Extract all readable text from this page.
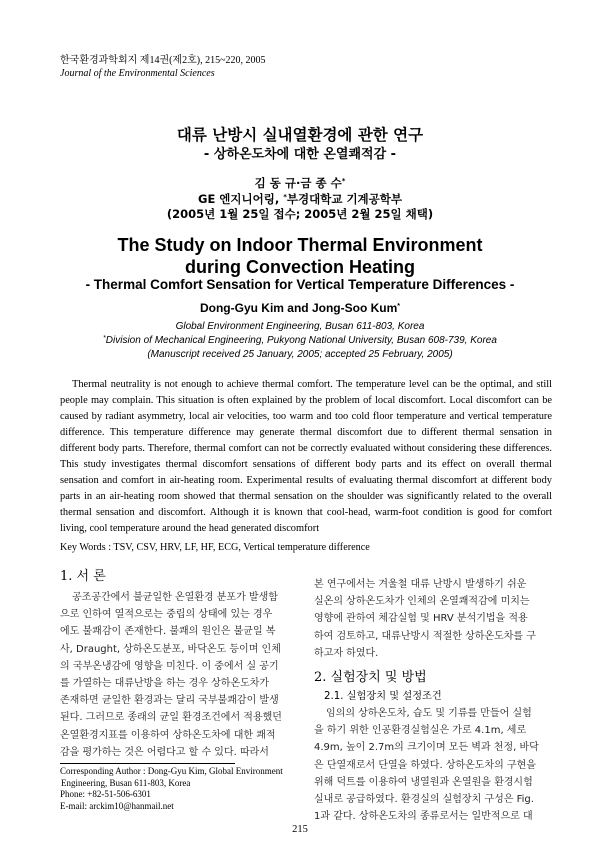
한국환경과학회지 제14권(제2호), 215~220, 2005
Journal of the Environmental Sciences
대류 난방시 실내열환경에 관한 연구
- 상하온도차에 대한 온열쾌적감 -
김 동 규·금 종 수*
GE 엔지니어링, *부경대학교 기계공학부
(2005년 1월 25일 접수; 2005년 2월 25일 채택)
The Study on Indoor Thermal Environment
during Convection Heating
- Thermal Comfort Sensation for Vertical Temperature Differences -
Dong-Gyu Kim and Jong-Soo Kum*
Global Environment Engineering, Busan 611-803, Korea
*Division of Mechanical Engineering, Pukyong National University, Busan 608-739, Korea
(Manuscript received 25 January, 2005; accepted 25 February, 2005)
Thermal neutrality is not enough to achieve thermal comfort. The temperature level can be the optimal, and still people may complain. This situation is often explained by the problem of local discomfort. Local discomfort can be caused by radiant asymmetry, local air velocities, too warm and too cold floor temperature and vertical temperature difference. This temperature difference may generate thermal discomfort due to different thermal sensation in different body parts. Therefore, thermal comfort can not be correctly evaluated without considering these differences. This study investigates thermal discomfort sensations of different body parts and its effect on overall thermal sensation and comfort in air-heating room. Experimental results of evaluating thermal discomfort at different body parts in an air-heating room showed that thermal sensation on the shoulder was significantly related to the overall thermal sensation and discomfort. Although it is known that cool-head, warm-foot condition is good for comfort living, cool temperature around the head generated discomfort
Key Words : TSV, CSV, HRV, LF, HF, ECG, Vertical temperature difference
1. 서 론
공조공간에서 불균일한 온열환경 분포가 발생함
으로 인하여 열적으로는 중립의 상태에 있는 경우
에도 불쾌감이 존재한다. 불쾌의 원인은 불균일 복
사, Draught, 상하온도분포, 바닥온도 등이며 인체
의 국부온냉감에 영향을 미친다. 이 중에서 실 공기
를 가열하는 대류난방을 하는 경우 상하온도차가
존재하면 균일한 환경과는 달리 국부불쾌감이 발생
된다. 그러므로 종래의 균일 환경조건에서 적용했던
온열환경지표를 이용하여 상하온도차에 대한 쾌적
감을 평가하는 것은 어렵다고 할 수 있다. 따라서
Corresponding Author : Dong-Gyu Kim, Global Environment
Engineering, Busan 611-803, Korea
Phone: +82-51-506-6301
E-mail: arckim10@hanmail.net
본 연구에서는 겨울철 대류 난방시 발생하기 쉬운
실온의 상하온도차가 인체의 온열쾌적감에 미치는
영향에 관하여 체감실험 및 HRV 분석기법을 적용
하여 검토하고, 대류난방시 적절한 상하온도차를 구
하고자 하였다.
2. 실험장치 및 방법
2.1. 실험장치 및 설정조건
임의의 상하온도차, 습도 및 기류를 만들어 실험
을 하기 위한 인공환경실험실은 가로 4.1m, 세로
4.9m, 높이 2.7m의 크기이며 모든 벽과 천정, 바닥
은 단열재로서 단열을 하였다. 상하온도차의 구현을
위해 덕트를 이용하여 냉열원과 온열원을 환경시험
실내로 공급하였다. 환경실의 실험장치 구성은 Fig.
1과 같다. 상하온도차의 종류로서는 일반적으로 대
215
